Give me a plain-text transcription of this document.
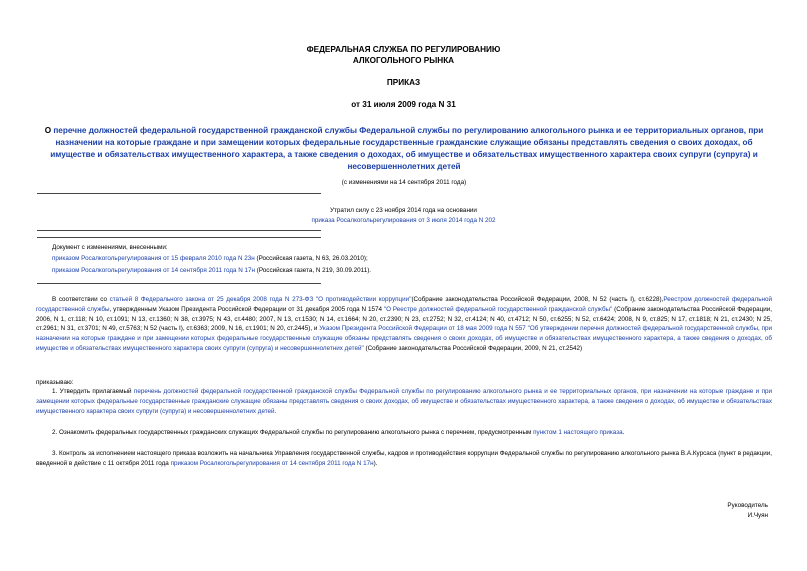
ФЕДЕРАЛЬНАЯ СЛУЖБА ПО РЕГУЛИРОВАНИЮ
АЛКОГОЛЬНОГО РЫНКА
ПРИКАЗ
от 31 июля 2009 года N 31
О перечне должностей федеральной государственной гражданской службы Федеральной службы по регулированию алкогольного рынка и ее территориальных органов, при назначении на которые граждане и при замещении которых федеральные государственные гражданские служащие обязаны представлять сведения о своих доходах, об имуществе и обязательствах имущественного характера, а также сведения о доходах, об имуществе и обязательствах имущественного характера своих супруги (супруга) и несовершеннолетних детей
(с изменениями на 14 сентября 2011 года)
Утратил силу с 23 ноября 2014 года на основании
приказа Росалкогольрегулирования от 3 июля 2014 года N 202
Документ с изменениями, внесенными:
приказом Росалкогольрегулирования от 15 февраля 2010 года N 23н (Российская газета, N 63, 26.03.2010);
приказом Росалкогольрегулирования от 14 сентября 2011 года N 17н (Российская газета, N 219, 30.09.2011).
В соответствии со статьей 8 Федерального закона от 25 декабря 2008 года N 273-ФЗ "О противодействии коррупции"(Собрание законодательства Российской Федерации, 2008, N 52 (часть I), ст.6228),Реестром должностей федеральной государственной службы, утвержденным Указом Президента Российской Федерации от 31 декабря 2005 года N 1574 "О Реестре должностей федеральной государственной гражданской службы" (Собрание законодательства Российской Федерации, 2006, N 1, ст.118; N 10, ст.1091; N 13, ст.1360; N 38, ст.3975; N 43, ст.4480; 2007, N 13, ст.1530; N 14, ст.1664; N 20, ст.2390; N 23, ст.2752; N 32, ст.4124; N 40, ст.4712; N 50, ст.6255; N 52, ст.6424; 2008, N 9, ст.825; N 17, ст.1818; N 21, ст.2430; N 25, ст.2961; N 31, ст.3701; N 49, ст.5763; N 52 (часть I), ст.6363; 2009, N 16, ст.1901; N 20, ст.2445), и Указом Президента Российской Федерации от 18 мая 2009 года N 557 "Об утверждении перечня должностей федеральной государственной службы, при назначении на которые граждане и при замещении которых федеральные государственные служащие обязаны представлять сведения о своих доходах, об имуществе и обязательствах имущественного характера, а также сведения о доходах, об имуществе и обязательствах имущественного характера своих супруги (супруга) и несовершеннолетних детей" (Собрание законодательства Российской Федерации, 2009, N 21, ст.2542)
приказываю:
1. Утвердить прилагаемый перечень должностей федеральной государственной гражданской службы Федеральной службы по регулированию алкогольного рынка и ее территориальных органов, при назначении на которые граждане и при замещении которых федеральные государственные гражданские служащие обязаны представлять сведения о своих доходах, об имуществе и обязательствах имущественного характера, а также сведения о доходах, об имуществе и обязательствах имущественного характера своих супруги (супруга) и несовершеннолетних детей.
2. Ознакомить федеральных государственных гражданских служащих Федеральной службы по регулированию алкогольного рынка с перечнем, предусмотренным пунктом 1 настоящего приказа.
3. Контроль за исполнением настоящего приказа возложить на начальника Управления государственной службы, кадров и противодействия коррупции Федеральной службы по регулированию алкогольного рынка В.А.Курсаса (пункт в редакции, введенной в действие с 11 октября 2011 года приказом Росалкогольрегулирования от 14 сентября 2011 года N 17н).
Руководитель
И.Чуян
